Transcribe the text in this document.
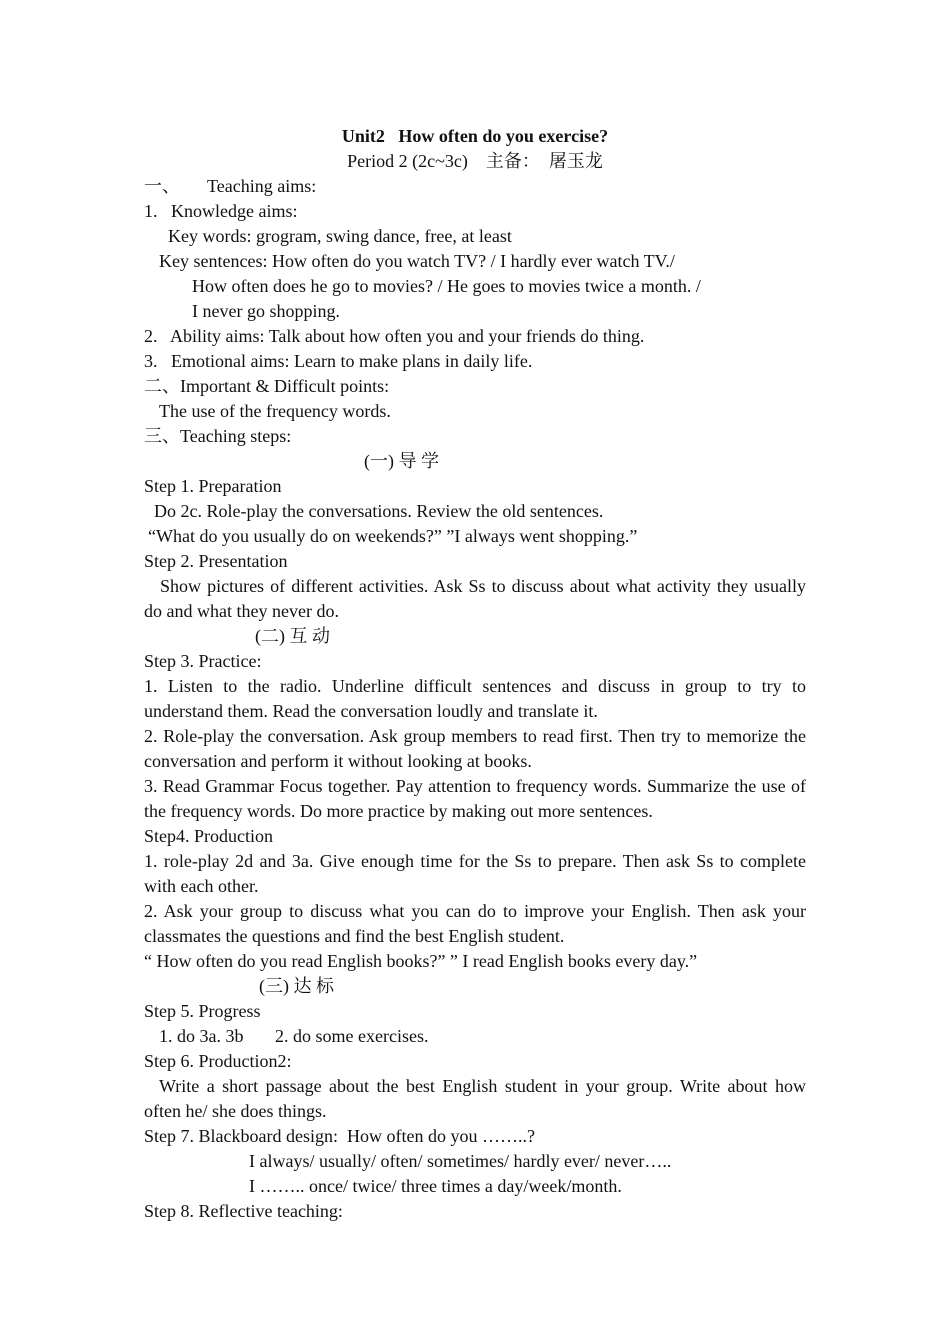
Unit2   How often do you exercise?
Period 2 (2c~3c)    主备：  屠玉龙
一、      Teaching aims:
1.   Knowledge aims:
Key words: grogram, swing dance, free, at least
Key sentences: How often do you watch TV? / I hardly ever watch TV./
How often does he go to movies? / He goes to movies twice a month. /
I never go shopping.
2.   Ability aims: Talk about how often you and your friends do thing.
3.   Emotional aims: Learn to make plans in daily life.
二、Important & Difficult points:
The use of the frequency words.
三、Teaching steps:
(一) 导 学
Step 1. Preparation
Do 2c. Role-play the conversations. Review the old sentences.
“What do you usually do on weekends?” ”I always went shopping.”
Step 2. Presentation
Show pictures of different activities. Ask Ss to discuss about what activity they usually do and what they never do.
(二) 互 动
Step 3. Practice:
1. Listen to the radio. Underline difficult sentences and discuss in group to try to understand them. Read the conversation loudly and translate it.
2. Role-play the conversation. Ask group members to read first. Then try to memorize the conversation and perform it without looking at books.
3. Read Grammar Focus together. Pay attention to frequency words. Summarize the use of the frequency words. Do more practice by making out more sentences.
Step4. Production
1. role-play 2d and 3a. Give enough time for the Ss to prepare. Then ask Ss to complete with each other.
2. Ask your group to discuss what you can do to improve your English. Then ask your classmates the questions and find the best English student.
“ How often do you read English books?” ” I read English books every day.”
(三) 达 标
Step 5. Progress
1. do 3a. 3b       2. do some exercises.
Step 6. Production2:
Write a short passage about the best English student in your group. Write about how often he/ she does things.
Step 7. Blackboard design:  How often do you ……..?
I always/ usually/ often/ sometimes/ hardly ever/ never…..
I …….. once/ twice/ three times a day/week/month.
Step 8. Reflective teaching:
